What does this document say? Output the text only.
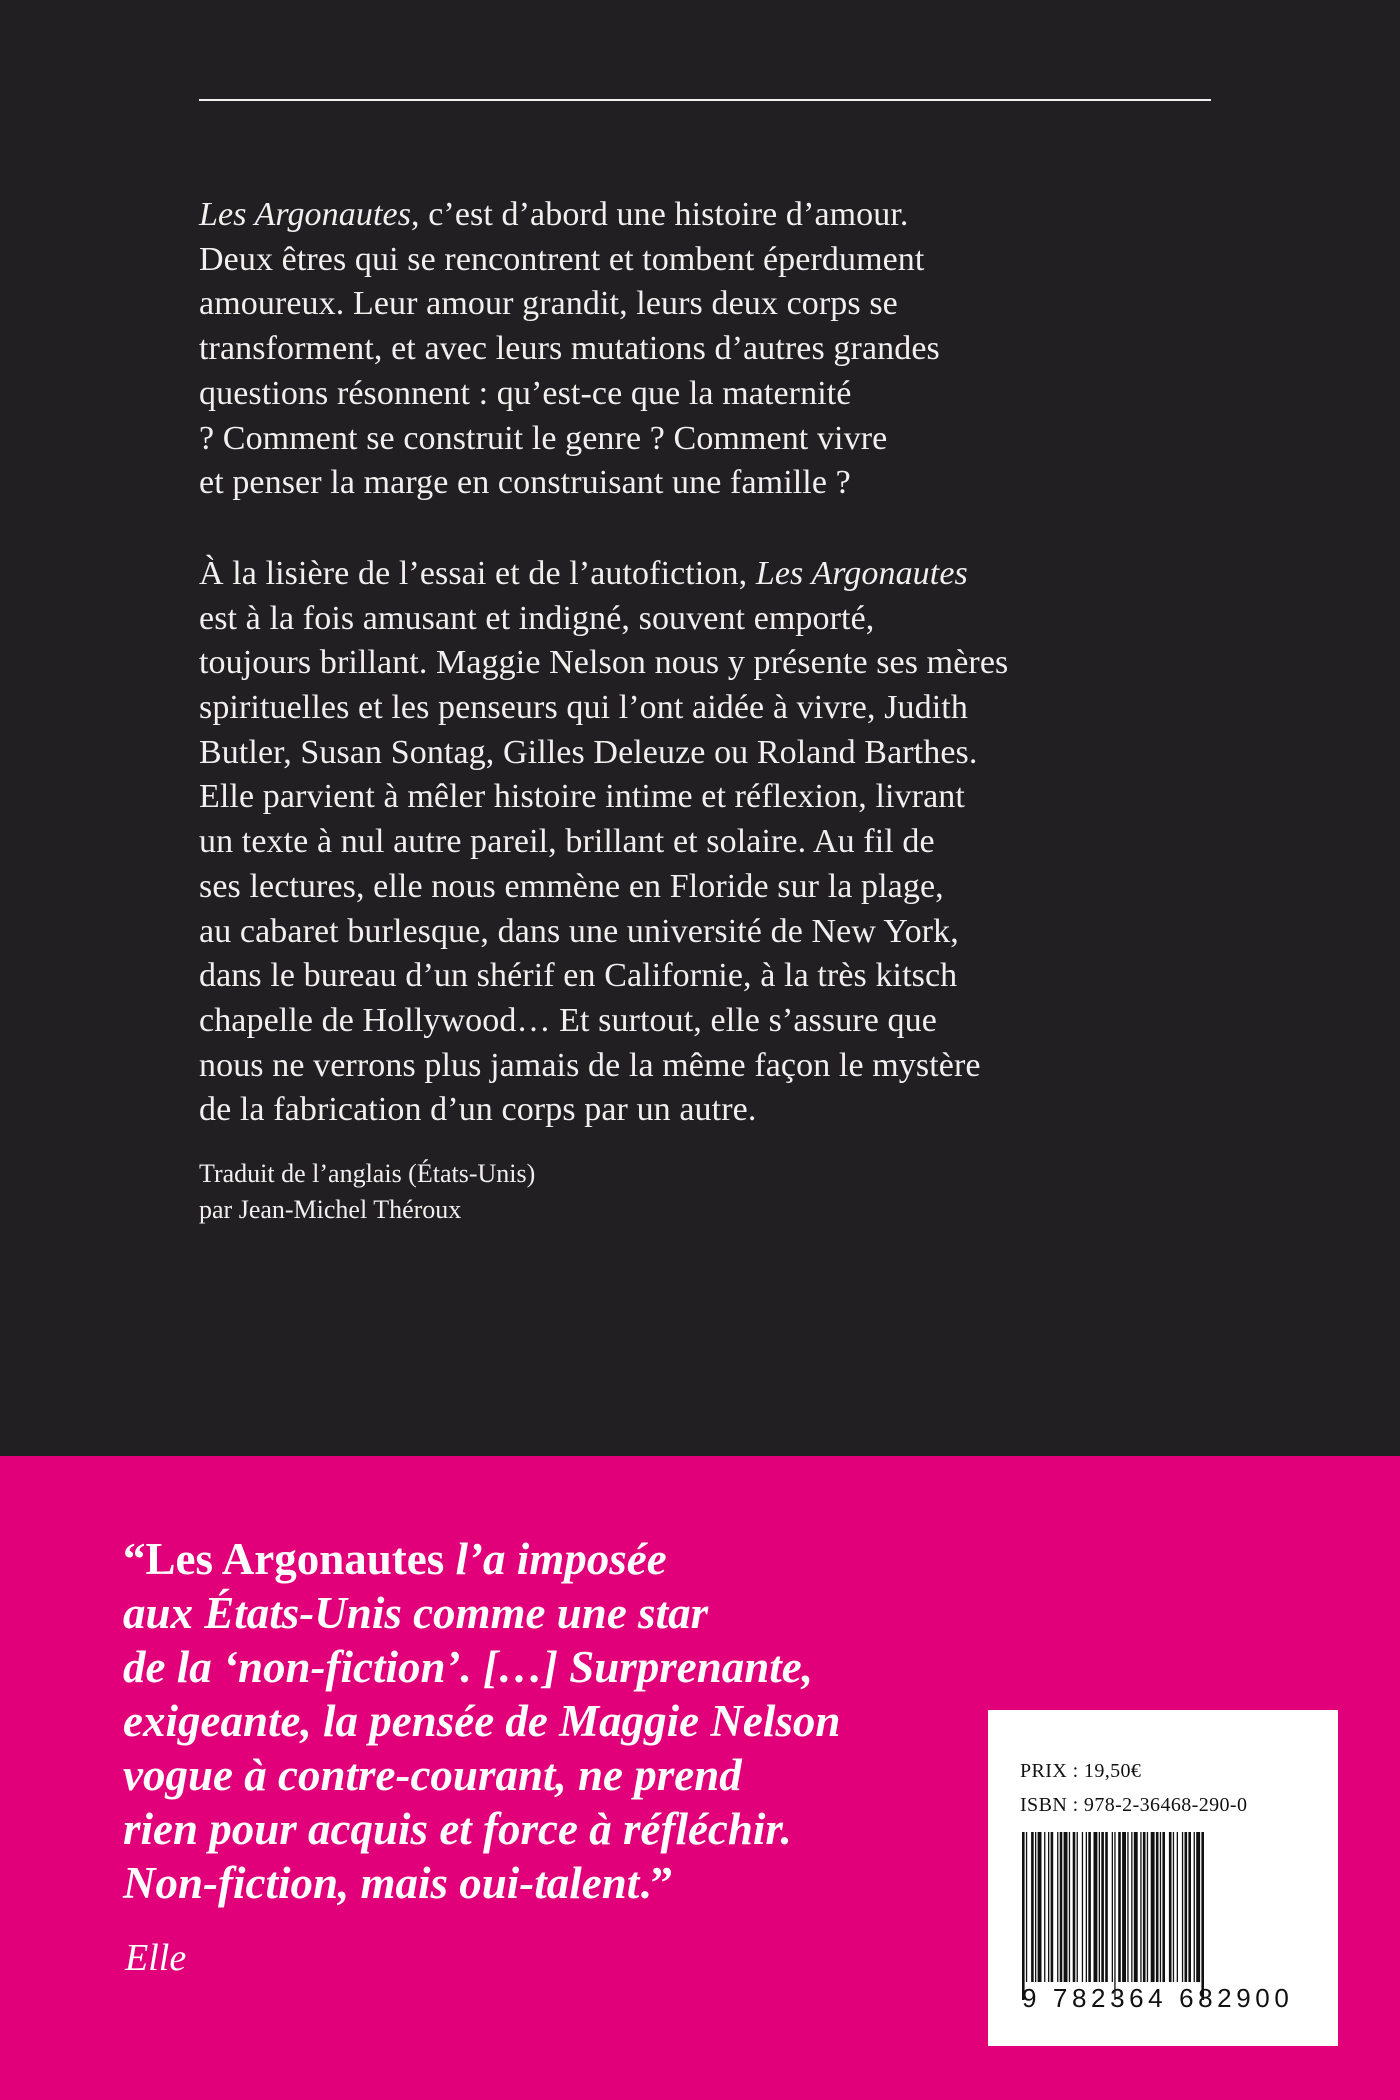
Les Argonautes, c’est d’abord une histoire d’amour.
Deux êtres qui se rencontrent et tombent éperdument
amoureux. Leur amour grandit, leurs deux corps se
transforment, et avec leurs mutations d’autres grandes
questions résonnent : qu’est-ce que la maternité
? Comment se construit le genre ? Comment vivre
et penser la marge en construisant une famille ?
À la lisière de l’essai et de l’autofiction, Les Argonautes
est à la fois amusant et indigné, souvent emporté,
toujours brillant. Maggie Nelson nous y présente ses mères
spirituelles et les penseurs qui l’ont aidée à vivre, Judith
Butler, Susan Sontag, Gilles Deleuze ou Roland Barthes.
Elle parvient à mêler histoire intime et réflexion, livrant
un texte à nul autre pareil, brillant et solaire. Au fil de
ses lectures, elle nous emmène en Floride sur la plage,
au cabaret burlesque, dans une université de New York,
dans le bureau d’un shérif en Californie, à la très kitsch
chapelle de Hollywood… Et surtout, elle s’assure que
nous ne verrons plus jamais de la même façon le mystère
de la fabrication d’un corps par un autre.
Traduit de l’anglais (États-Unis)
par Jean-Michel Théroux
“Les Argonautes l’a imposée
aux États-Unis comme une star
de la ‘non-fiction’. […] Surprenante,
exigeante, la pensée de Maggie Nelson
vogue à contre-courant, ne prend
rien pour acquis et force à réfléchir.
Non-fiction, mais oui-talent.”
Elle
PRIX : 19,50€
ISBN : 978-2-36468-290-0
9 782364 682900
